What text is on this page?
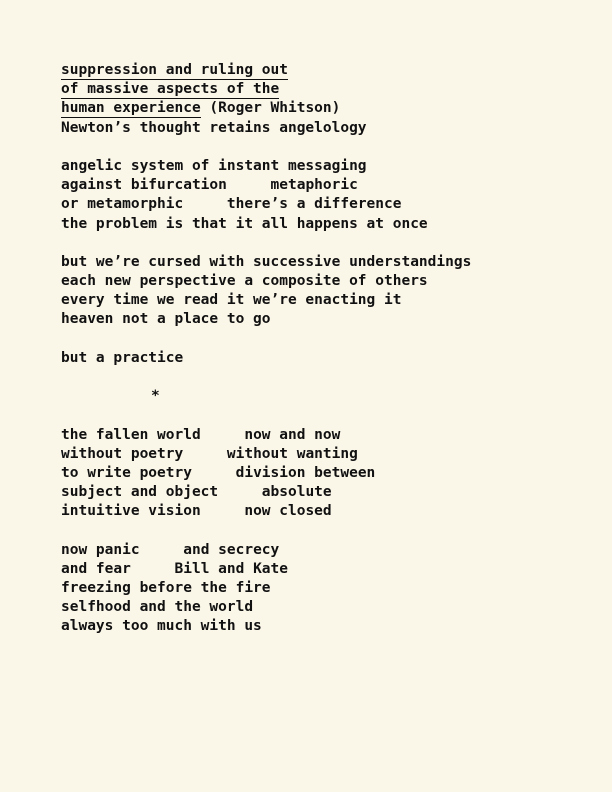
suppression and ruling out
of massive aspects of the
human experience (Roger Whitson)
Newton’s thought retains angelology
angelic system of instant messaging
against bifurcation	metaphoric
or metamorphic	there’s a difference
the problem is that it all happens at once
but we’re cursed with successive understandings
each new perspective a composite of others
every time we read it we’re enacting it
heaven not a place to go
but a practice
*
the fallen world	now and now
without poetry	without wanting
to write poetry	division between
subject and object	absolute
intuitive vision	now closed
now panic	and secrecy
and fear	Bill and Kate
freezing before the fire
selfhood and the world
always too much with us
